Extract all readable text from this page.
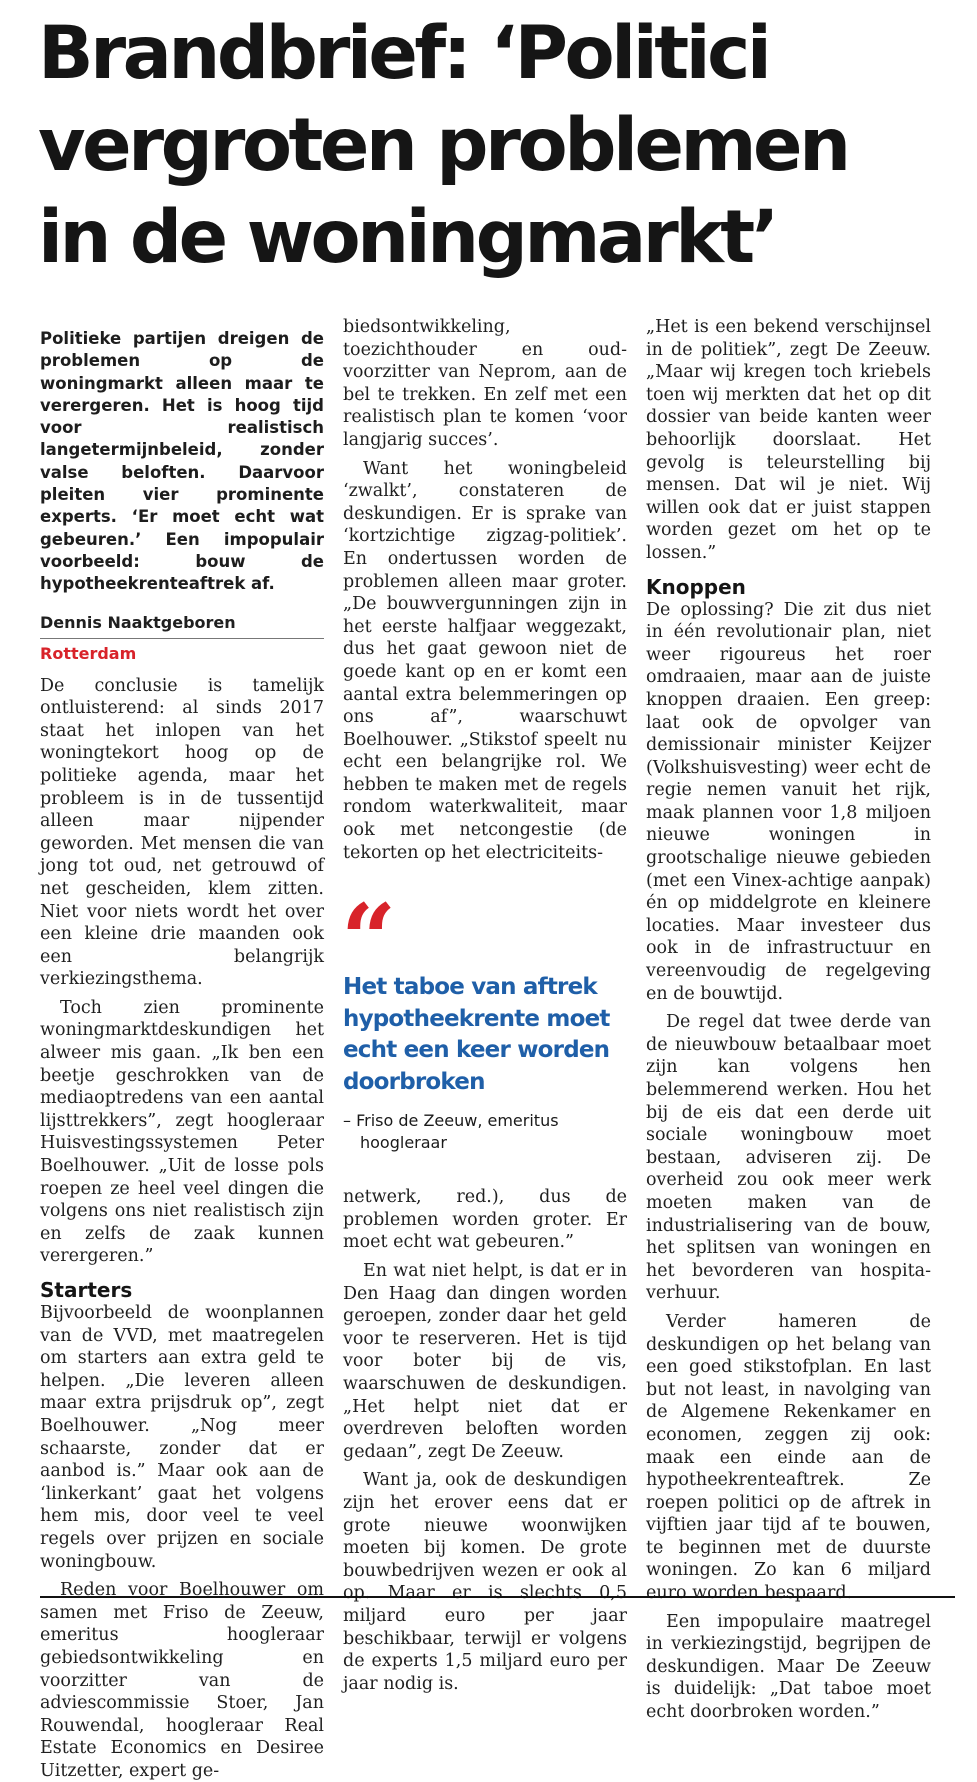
Brandbrief: ‘Politici
vergroten problemen
in de woningmarkt’

Politieke partijen dreigen de problemen op de woningmarkt alleen maar te verergeren. Het is hoog tijd voor realistisch langetermijnbeleid, zonder valse beloften. Daarvoor pleiten vier prominente experts. ‘Er moet echt wat gebeuren.’ Een impopulair voorbeeld: bouw de hypotheekrenteaftrek af.

Dennis Naaktgeboren
Rotterdam

De conclusie is tamelijk ontluisterend: al sinds 2017 staat het inlopen van het woningtekort hoog op de politieke agenda, maar het probleem is in de tussentijd alleen maar nijpender geworden. Met mensen die van jong tot oud, net getrouwd of net gescheiden, klem zitten. Niet voor niets wordt het over een kleine drie maanden ook een belangrijk verkiezingsthema.

Toch zien prominente woningmarktdeskundigen het alweer mis gaan. „Ik ben een beetje geschrokken van de mediaoptredens van een aantal lijsttrekkers”, zegt hoogleraar Huisvestingssystemen Peter Boelhouwer. „Uit de losse pols roepen ze heel veel dingen die volgens ons niet realistisch zijn en zelfs de zaak kunnen verergeren.”

Starters

Bijvoorbeeld de woonplannen van de VVD, met maatregelen om starters aan extra geld te helpen. „Die leveren alleen maar extra prijsdruk op”, zegt Boelhouwer. „Nog meer schaarste, zonder dat er aanbod is.” Maar ook aan de ‘linkerkant’ gaat het volgens hem mis, door veel te veel regels over prijzen en sociale woningbouw.

Reden voor Boelhouwer om samen met Friso de Zeeuw, emeritus hoogleraar gebiedsontwikkeling en voorzitter van de adviescommissie Stoer, Jan Rouwendal, hoogleraar Real Estate Economics en Desiree Uitzetter, expert ge-

biedsontwikkeling, toezichthouder en oud-voorzitter van Neprom, aan de bel te trekken. En zelf met een realistisch plan te komen ‘voor langjarig succes’.

Want het woningbeleid ‘zwalkt’, constateren de deskundigen. Er is sprake van ‘kortzichtige zigzag-politiek’. En ondertussen worden de problemen alleen maar groter. „De bouwvergunningen zijn in het eerste halfjaar weggezakt, dus het gaat gewoon niet de goede kant op en er komt een aantal extra belemmeringen op ons af”, waarschuwt Boelhouwer. „Stikstof speelt nu echt een belangrijke rol. We hebben te maken met de regels rondom waterkwaliteit, maar ook met netcongestie (de tekorten op het electriciteits-

“
Het taboe van aftrek hypotheekrente moet echt een keer worden doorbroken
– Friso de Zeeuw, emeritus
hoogleraar

netwerk, red.), dus de problemen worden groter. Er moet echt wat gebeuren.”

En wat niet helpt, is dat er in Den Haag dan dingen worden geroepen, zonder daar het geld voor te reserveren. Het is tijd voor boter bij de vis, waarschuwen de deskundigen. „Het helpt niet dat er overdreven beloften worden gedaan”, zegt De Zeeuw.

Want ja, ook de deskundigen zijn het erover eens dat er grote nieuwe woonwijken moeten bij komen. De grote bouwbedrijven wezen er ook al op. Maar er is slechts 0,5 miljard euro per jaar beschikbaar, terwijl er volgens de experts 1,5 miljard euro per jaar nodig is.

„Het is een bekend verschijnsel in de politiek”, zegt De Zeeuw. „Maar wij kregen toch kriebels toen wij merkten dat het op dit dossier van beide kanten weer behoorlijk doorslaat. Het gevolg is teleurstelling bij mensen. Dat wil je niet. Wij willen ook dat er juist stappen worden gezet om het op te lossen.”

Knoppen

De oplossing? Die zit dus niet in één revolutionair plan, niet weer rigoureus het roer omdraaien, maar aan de juiste knoppen draaien. Een greep: laat ook de opvolger van demissionair minister Keijzer (Volkshuisvesting) weer echt de regie nemen vanuit het rijk, maak plannen voor 1,8 miljoen nieuwe woningen in grootschalige nieuwe gebieden (met een Vinex-achtige aanpak) én op middelgrote en kleinere locaties. Maar investeer dus ook in de infrastructuur en vereenvoudig de regelgeving en de bouwtijd.

De regel dat twee derde van de nieuwbouw betaalbaar moet zijn kan volgens hen belemmerend werken. Hou het bij de eis dat een derde uit sociale woningbouw moet bestaan, adviseren zij. De overheid zou ook meer werk moeten maken van de industrialisering van de bouw, het splitsen van woningen en het bevorderen van hospita-verhuur.

Verder hameren de deskundigen op het belang van een goed stikstofplan. En last but not least, in navolging van de Algemene Rekenkamer en economen, zeggen zij ook: maak een einde aan de hypotheekrenteaftrek. Ze roepen politici op de aftrek in vijftien jaar tijd af te bouwen, te beginnen met de duurste woningen. Zo kan 6 miljard euro worden bespaard.

Een impopulaire maatregel in verkiezingstijd, begrijpen de deskundigen. Maar De Zeeuw is duidelijk: „Dat taboe moet echt doorbroken worden.”
